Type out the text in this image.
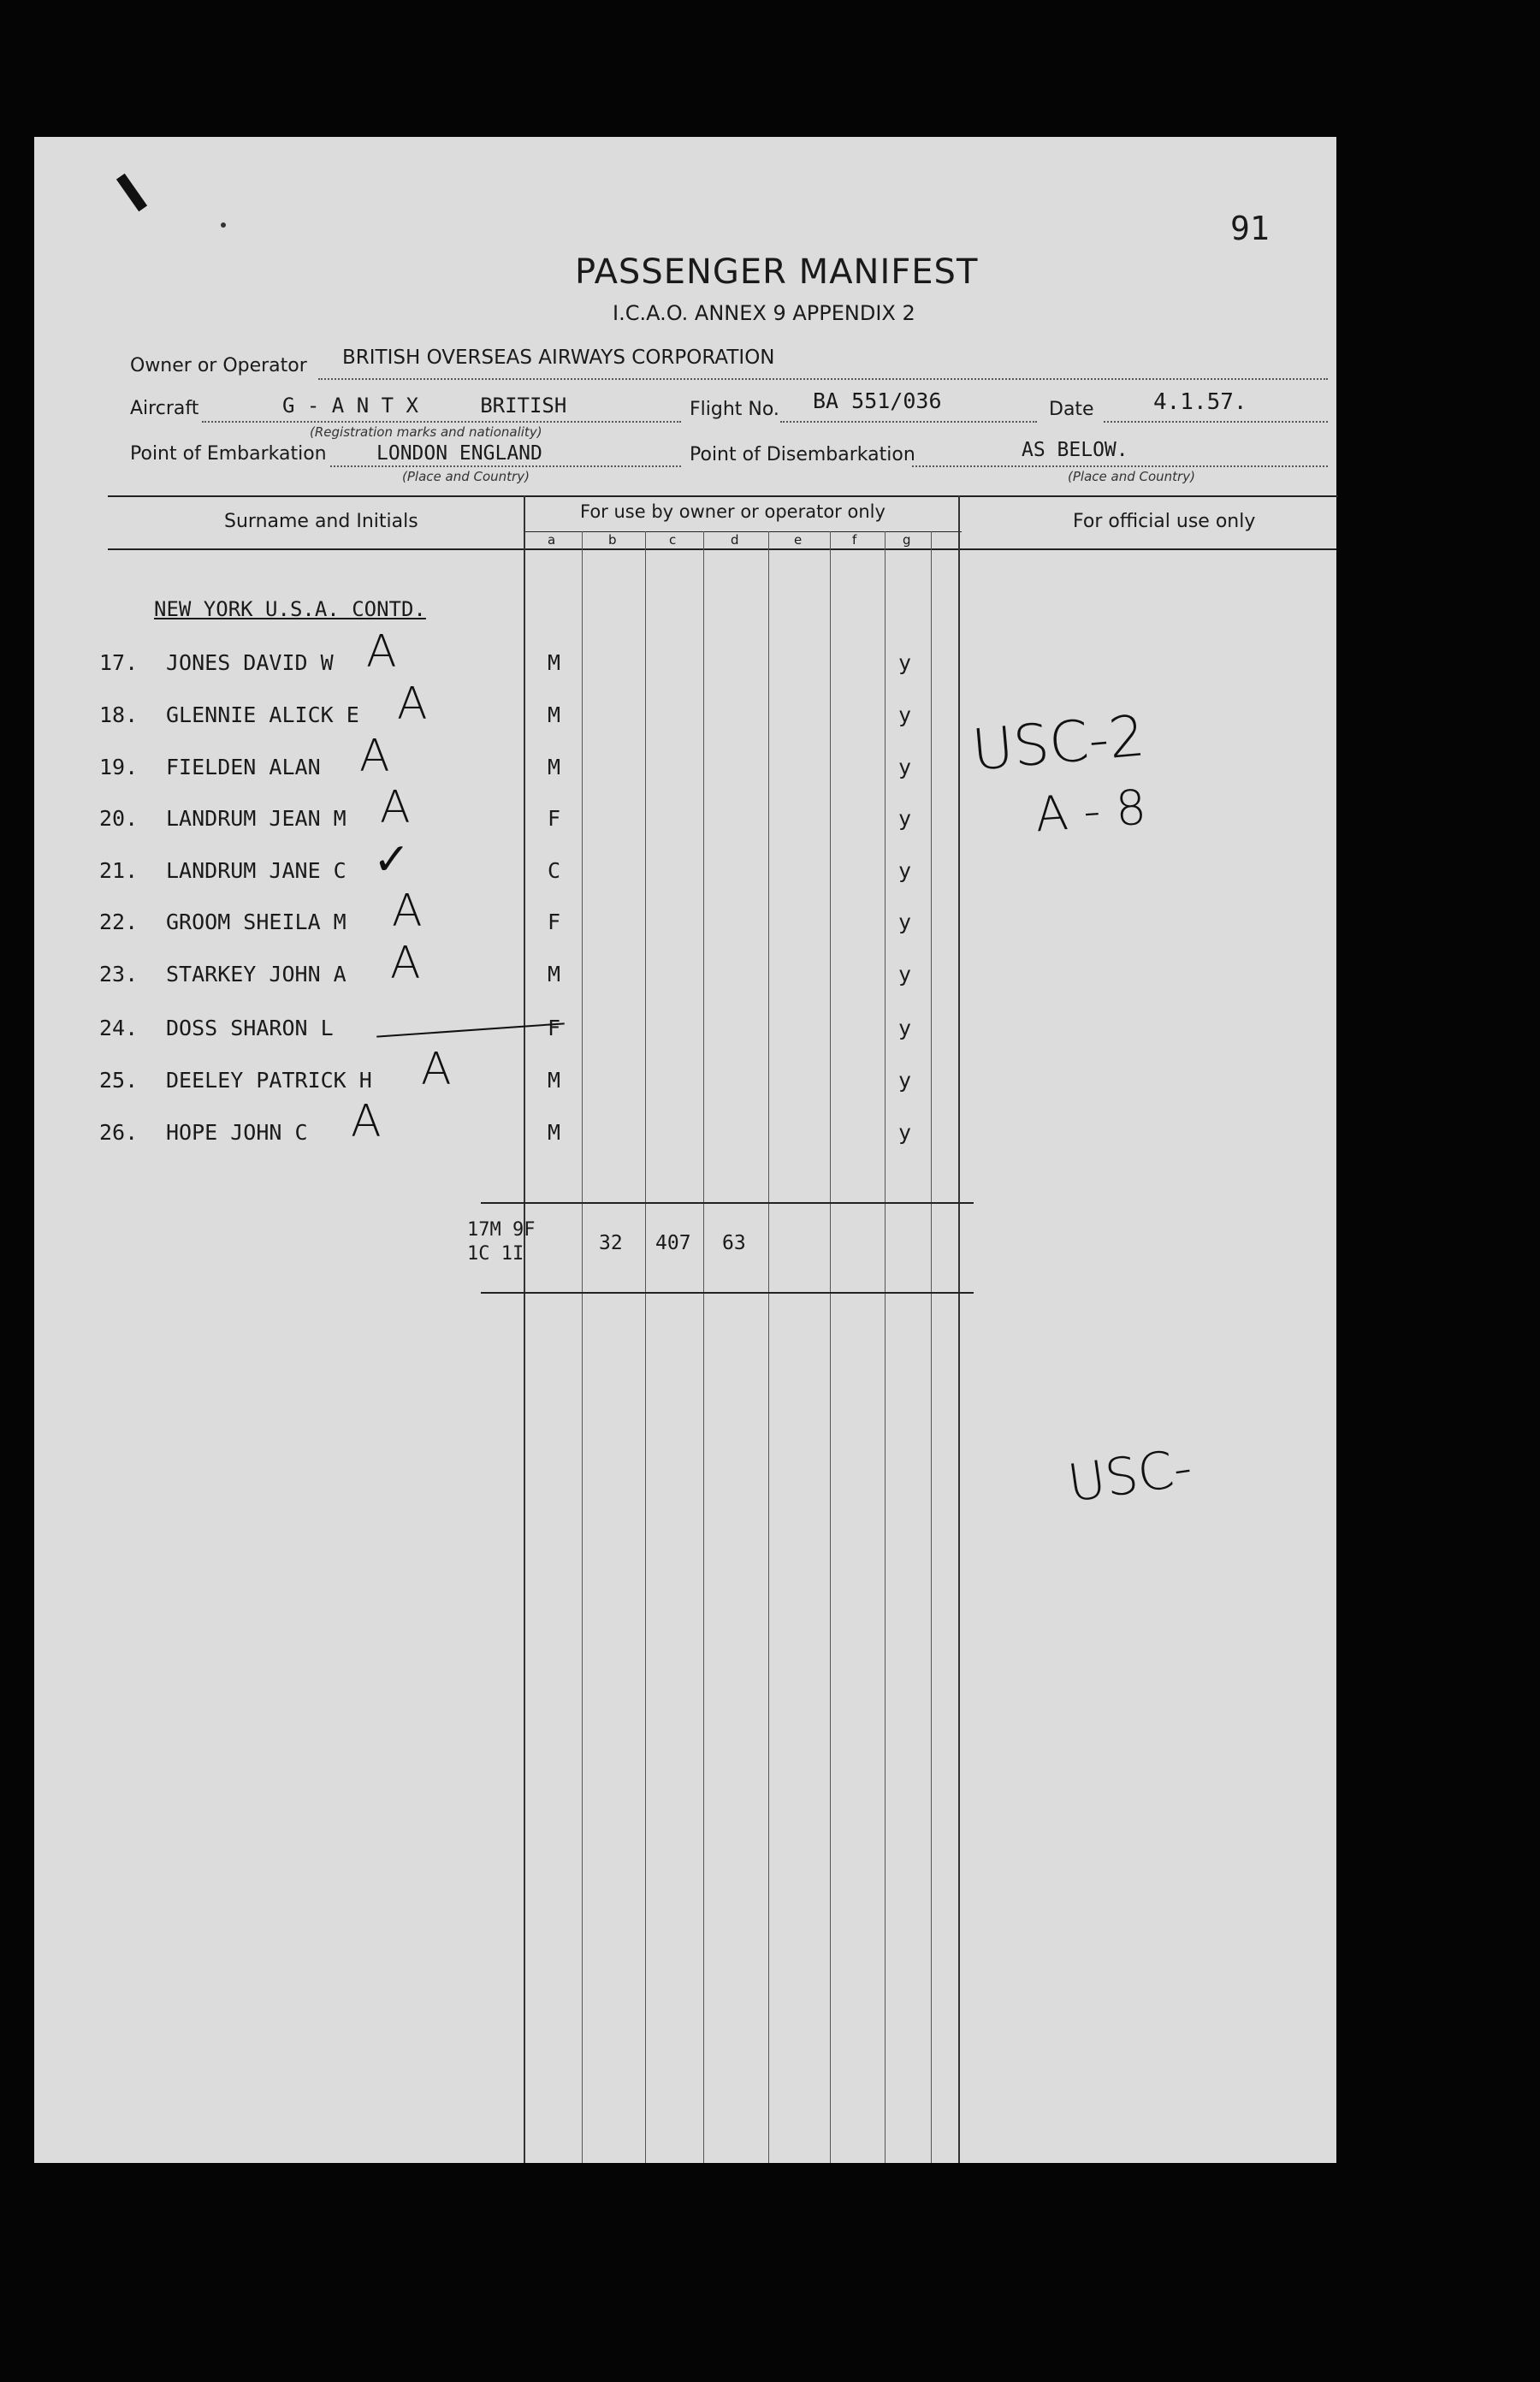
91
PASSENGER MANIFEST
I.C.A.O. ANNEX 9 APPENDIX 2
Owner or Operator BRITISH OVERSEAS AIRWAYS CORPORATION
Aircraft	G - A N T X     BRITISH
(Registration marks and nationality)
Flight No. BA 551/036	Date	4.1.57.
Point of Embarkation	LONDON ENGLAND
(Place and Country)
Point of Disembarkation	AS BELOW.
(Place and Country)
Surname and Initials	For use by owner or operator only	For official use only
a	b	c	d	e	f	g
NEW YORK U.S.A. CONTD.
17. JONES DAVID W	M	y
A
18. GLENNIE ALICK E	M	y
A
19. FIELDEN ALAN	M	y
A
20. LANDRUM JEAN M	F	y
A
21. LANDRUM JANE C	C	y
✓
22. GROOM SHEILA M	F	y
A
23. STARKEY JOHN A	M	y
A
24. DOSS SHARON L	F	y
25. DEELEY PATRICK H	M	y
A
26. HOPE JOHN C	M	y
A
17M 9F
1C 1I	32 407 63
USC-2
A - 8
USC-
